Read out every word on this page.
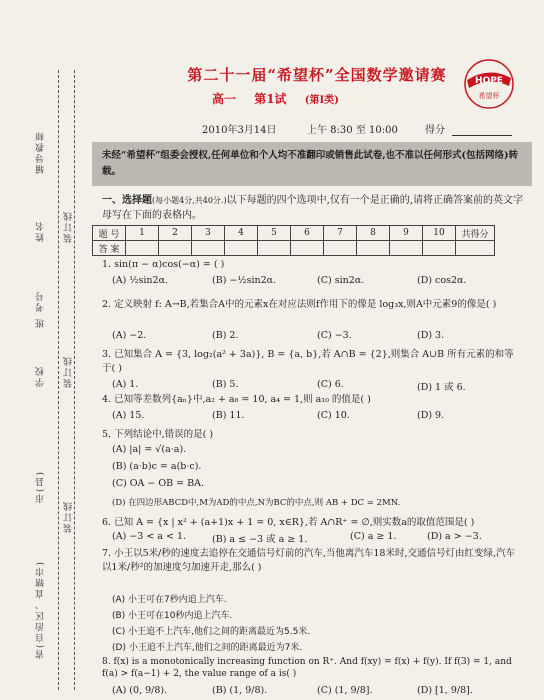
辅导教师
姓名 装订线
班 考号
学校 装订线
市(县)
装订线
省(自治区、直辖市)
第二十一届“希望杯”全国数学邀请赛
高一 第1试 (第Ⅰ类)
HOPE
希望杯
2010年3月14日	上午 8:30 至 10:00	得分
未经“希望杯”组委会授权,任何单位和个人均不准翻印或销售此试卷,也不准以任何形式(包括网络)转载。
一、选择题(每小题4分,共40分.)以下每题的四个选项中,仅有一个是正确的,请将正确答案前的英文字母写在下面的表格内。
题 号	1	2	3	4	5	6	7	8	9	10	共得分
答 案											
1. sin(π − α)cos(−α) = ( )
(A) ½sin2α.	(B) −½sin2α.	(C) sin2α.	(D) cos2α.
2. 定义映射 f: A→B,若集合A中的元素x在对应法则f作用下的像是 log₃x,则A中元素9的像是( )
(A) −2.	(B) 2.	(C) −3.	(D) 3.
3. 已知集合 A = {3, log₂(a² + 3a)}, B = {a, b},若 A∩B = {2},则集合 A∪B 所有元素的和等于( )
(A) 1.	(B) 5.	(C) 6.	(D) 1 或 6.
4. 已知等差数列{aₙ}中,a₂ + a₈ = 10, a₄ = 1,则 a₁₀ 的值是( )
(A) 15.	(B) 11.	(C) 10.	(D) 9.
5. 下列结论中,错误的是( )
(A) |a| = √(a·a).
(B) (a·b)c = a(b·c).
(C) OA − OB = BA.
(D) 在四边形ABCD中,M为AD的中点,N为BC的中点,则 AB + DC = 2MN.
6. 已知 A = {x | x² + (a+1)x + 1 = 0, x∈R},若 A∩R⁺ = ∅,则实数a的取值范围是( )
(A) −3 < a < 1.	(B) a ≤ −3 或 a ≥ 1.	(C) a ≥ 1.	(D) a > −3.
7. 小王以5米/秒的速度去追停在交通信号灯前的汽车,当他离汽车18米时,交通信号灯由红变绿,汽车以1米/秒²的加速度匀加速开走,那么( )
(A) 小王可在7秒内追上汽车.
(B) 小王可在10秒内追上汽车.
(C) 小王追不上汽车,他们之间的距离最近为5.5米.
(D) 小王追不上汽车,他们之间的距离最近为7米.
8. f(x) is a monotonically increasing function on R⁺. And f(xy) = f(x) + f(y). If f(3) = 1, and f(a) > f(a−1) + 2, the value range of a is( )
(A) (0, 9/8).	(B) (1, 9/8).	(C) (1, 9/8].	(D) [1, 9/8].
